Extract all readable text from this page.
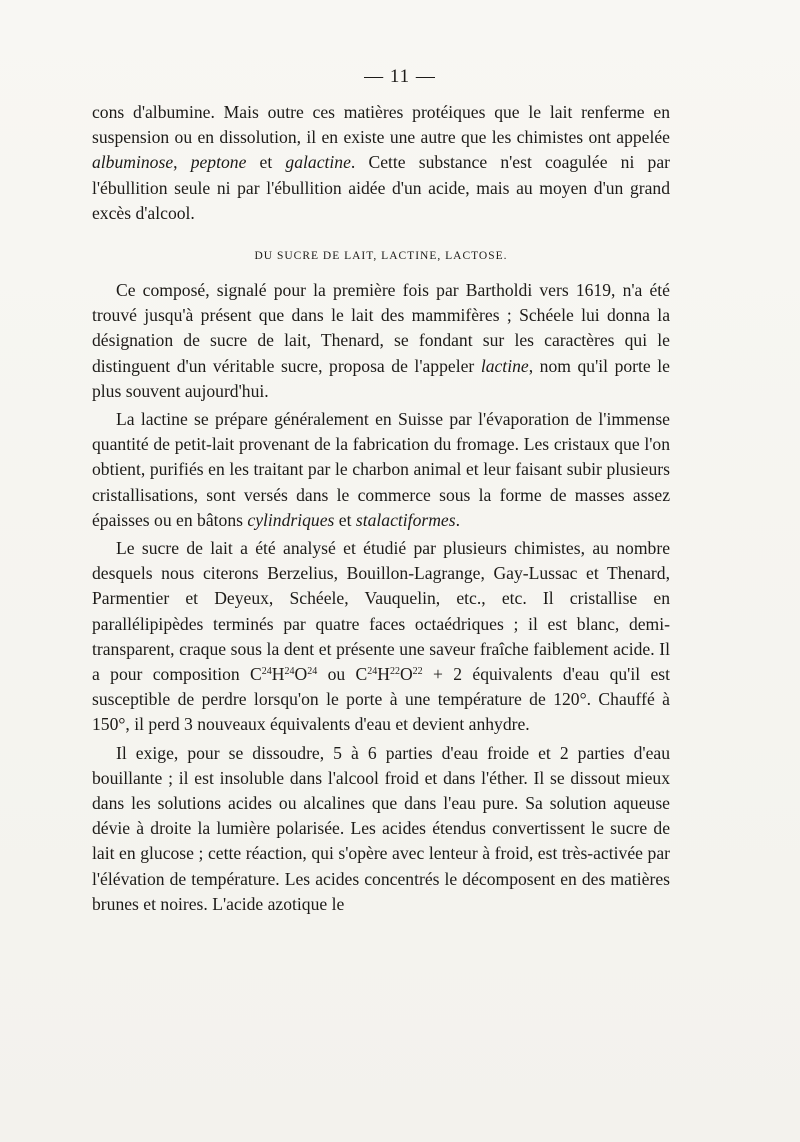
— 11 —

cons d'albumine. Mais outre ces matières protéiques que le lait renferme en suspension ou en dissolution, il en existe une autre que les chimistes ont appelée albuminose, peptone et galactine. Cette substance n'est coagulée ni par l'ébullition seule ni par l'ébullition aidée d'un acide, mais au moyen d'un grand excès d'alcool.

DU SUCRE DE LAIT, LACTINE, LACTOSE.

Ce composé, signalé pour la première fois par Bartholdi vers 1619, n'a été trouvé jusqu'à présent que dans le lait des mammifères ; Schéele lui donna la désignation de sucre de lait, Thenard, se fondant sur les caractères qui le distinguent d'un véritable sucre, proposa de l'appeler lactine, nom qu'il porte le plus souvent aujourd'hui.

La lactine se prépare généralement en Suisse par l'évaporation de l'immense quantité de petit-lait provenant de la fabrication du fromage. Les cristaux que l'on obtient, purifiés en les traitant par le charbon animal et leur faisant subir plusieurs cristallisations, sont versés dans le commerce sous la forme de masses assez épaisses ou en bâtons cylindriques et stalactiformes.

Le sucre de lait a été analysé et étudié par plusieurs chimistes, au nombre desquels nous citerons Berzelius, Bouillon-Lagrange, Gay-Lussac et Thenard, Parmentier et Deyeux, Schéele, Vauquelin, etc., etc. Il cristallise en parallélipipèdes terminés par quatre faces octaédriques ; il est blanc, demi-transparent, craque sous la dent et présente une saveur fraîche faiblement acide. Il a pour composition $C^{24}H^{24}O^{24}$ ou $C^{24}H^{22}O^{22} + 2$ équivalents d'eau qu'il est susceptible de perdre lorsqu'on le porte à une température de 120°. Chauffé à 150°, il perd 3 nouveaux équivalents d'eau et devient anhydre.

Il exige, pour se dissoudre, 5 à 6 parties d'eau froide et 2 parties d'eau bouillante ; il est insoluble dans l'alcool froid et dans l'éther. Il se dissout mieux dans les solutions acides ou alcalines que dans l'eau pure. Sa solution aqueuse dévie à droite la lumière polarisée. Les acides étendus convertissent le sucre de lait en glucose ; cette réaction, qui s'opère avec lenteur à froid, est très-activée par l'élévation de température. Les acides concentrés le décomposent en des matières brunes et noires. L'acide azotique le
